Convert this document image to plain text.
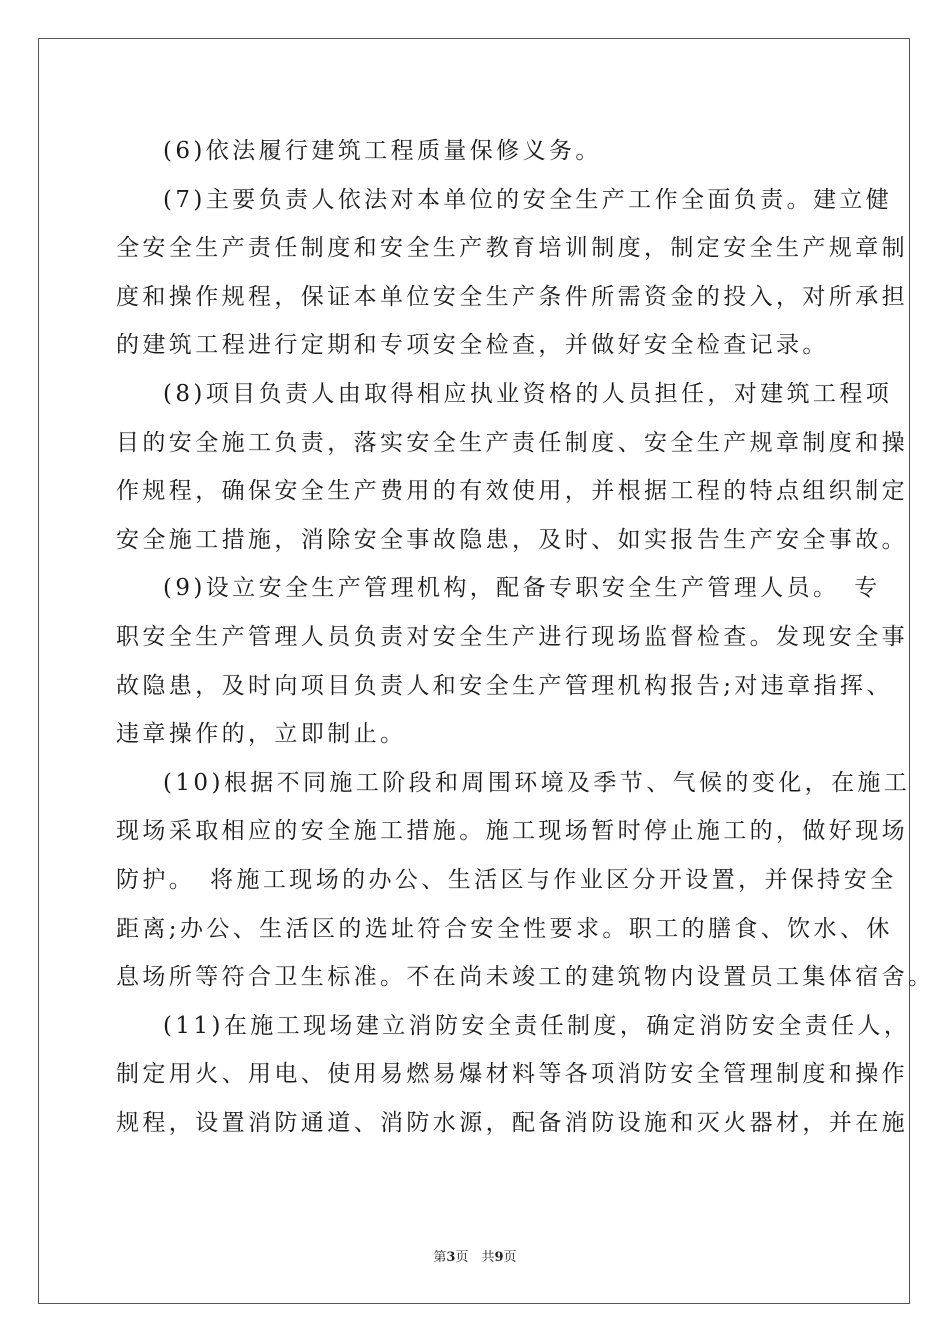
(6)依法履行建筑工程质量保修义务。
(7)主要负责人依法对本单位的安全生产工作全面负责。建立健
全安全生产责任制度和安全生产教育培训制度，制定安全生产规章制
度和操作规程，保证本单位安全生产条件所需资金的投入，对所承担
的建筑工程进行定期和专项安全检查，并做好安全检查记录。
(8)项目负责人由取得相应执业资格的人员担任，对建筑工程项
目的安全施工负责，落实安全生产责任制度、安全生产规章制度和操
作规程，确保安全生产费用的有效使用，并根据工程的特点组织制定
安全施工措施，消除安全事故隐患，及时、如实报告生产安全事故。
(9)设立安全生产管理机构，配备专职安全生产管理人员。　专
职安全生产管理人员负责对安全生产进行现场监督检查。发现安全事
故隐患，及时向项目负责人和安全生产管理机构报告;对违章指挥、
违章操作的，立即制止。
(10)根据不同施工阶段和周围环境及季节、气候的变化，在施工
现场采取相应的安全施工措施。施工现场暂时停止施工的，做好现场
防护。　将施工现场的办公、生活区与作业区分开设置，并保持安全
距离;办公、生活区的选址符合安全性要求。职工的膳食、饮水、休
息场所等符合卫生标准。不在尚未竣工的建筑物内设置员工集体宿舍。
(11)在施工现场建立消防安全责任制度，确定消防安全责任人，
制定用火、用电、使用易燃易爆材料等各项消防安全管理制度和操作
规程，设置消防通道、消防水源，配备消防设施和灭火器材，并在施
第3页　 共9页
